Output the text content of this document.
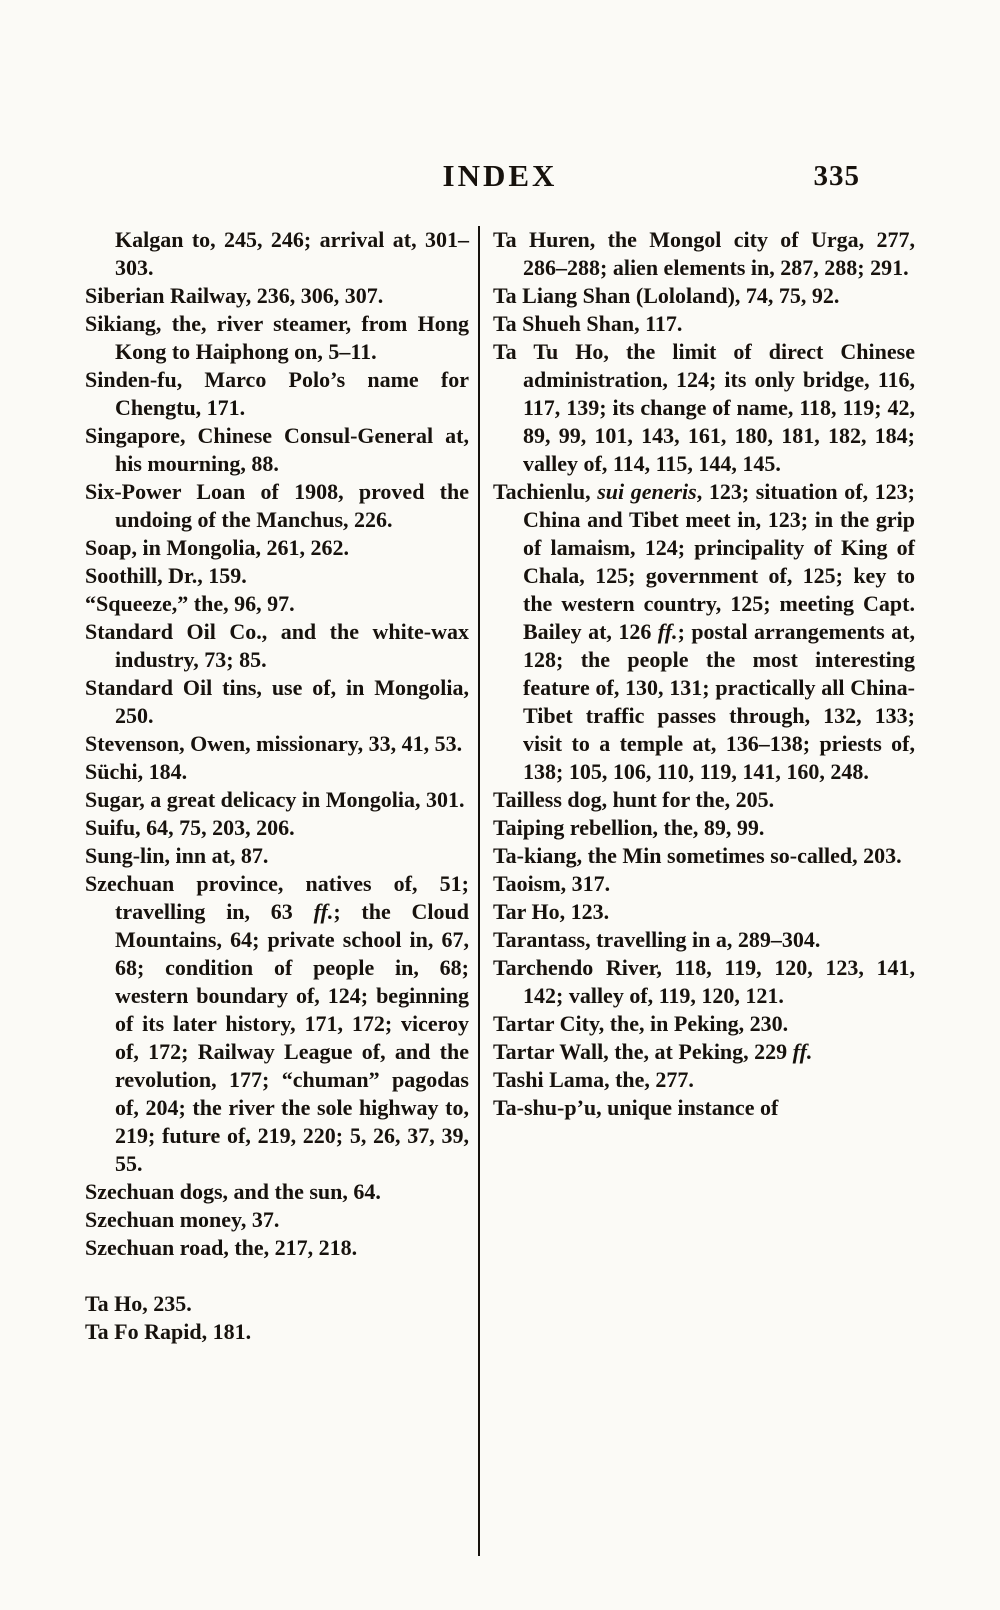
INDEX	335

Kalgan to, 245, 246; arrival at, 301–303.

Siberian Railway, 236, 306, 307.

Sikiang, the, river steamer, from Hong Kong to Haiphong on, 5–11.

Sinden-fu, Marco Polo’s name for Chengtu, 171.

Singapore, Chinese Consul-General at, his mourning, 88.

Six-Power Loan of 1908, proved the undoing of the Manchus, 226.

Soap, in Mongolia, 261, 262.

Soothill, Dr., 159.

“Squeeze,” the, 96, 97.

Standard Oil Co., and the white-wax industry, 73; 85.

Standard Oil tins, use of, in Mongolia, 250.

Stevenson, Owen, missionary, 33, 41, 53.

Süchi, 184.

Sugar, a great delicacy in Mongolia, 301.

Suifu, 64, 75, 203, 206.

Sung-lin, inn at, 87.

Szechuan province, natives of, 51; travelling in, 63 ff.; the Cloud Mountains, 64; private school in, 67, 68; condition of people in, 68; western boundary of, 124; beginning of its later history, 171, 172; viceroy of, 172; Railway League of, and the revolution, 177; “chuman” pagodas of, 204; the river the sole highway to, 219; future of, 219, 220; 5, 26, 37, 39, 55.

Szechuan dogs, and the sun, 64.

Szechuan money, 37.

Szechuan road, the, 217, 218.

Ta Ho, 235.

Ta Fo Rapid, 181.

Ta Huren, the Mongol city of Urga, 277, 286–288; alien elements in, 287, 288; 291.

Ta Liang Shan (Lololand), 74, 75, 92.

Ta Shueh Shan, 117.

Ta Tu Ho, the limit of direct Chinese administration, 124; its only bridge, 116, 117, 139; its change of name, 118, 119; 42, 89, 99, 101, 143, 161, 180, 181, 182, 184; valley of, 114, 115, 144, 145.

Tachienlu, sui generis, 123; situation of, 123; China and Tibet meet in, 123; in the grip of lamaism, 124; principality of King of Chala, 125; government of, 125; key to the western country, 125; meeting Capt. Bailey at, 126 ff.; postal arrangements at, 128; the people the most interesting feature of, 130, 131; practically all China-Tibet traffic passes through, 132, 133; visit to a temple at, 136–138; priests of, 138; 105, 106, 110, 119, 141, 160, 248.

Tailless dog, hunt for the, 205.

Taiping rebellion, the, 89, 99.

Ta-kiang, the Min sometimes so-called, 203.

Taoism, 317.

Tar Ho, 123.

Tarantass, travelling in a, 289–304.

Tarchendo River, 118, 119, 120, 123, 141, 142; valley of, 119, 120, 121.

Tartar City, the, in Peking, 230.

Tartar Wall, the, at Peking, 229 ff.

Tashi Lama, the, 277.

Ta-shu-p’u, unique instance of
